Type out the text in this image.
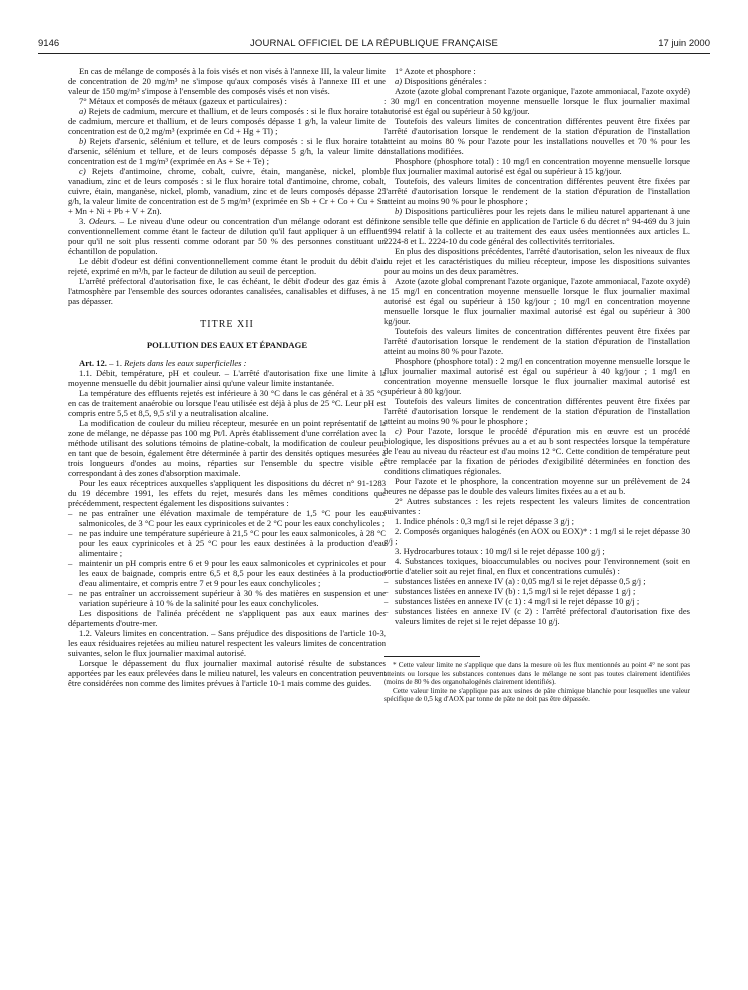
9146	JOURNAL OFFICIEL DE LA RÉPUBLIQUE FRANÇAISE	17 juin 2000

En cas de mélange de composés à la fois visés et non visés à l'annexe III, la valeur limite de concentration de 20 mg/m³ ne s'impose qu'aux composés visés à l'annexe III et une valeur de 150 mg/m³ s'impose à l'ensemble des composés visés et non visés.

7° Métaux et composés de métaux (gazeux et particulaires) :

a) Rejets de cadmium, mercure et thallium, et de leurs composés : si le flux horaire total de cadmium, mercure et thallium, et de leurs composés dépasse 1 g/h, la valeur limite de concentration est de 0,2 mg/m³ (exprimée en Cd + Hg + Tl) ;

b) Rejets d'arsenic, sélénium et tellure, et de leurs composés : si le flux horaire total d'arsenic, sélénium et tellure, et de leurs composés dépasse 5 g/h, la valeur limite de concentration est de 1 mg/m³ (exprimée en As + Se + Te) ;

c) Rejets d'antimoine, chrome, cobalt, cuivre, étain, manganèse, nickel, plomb, vanadium, zinc et de leurs composés : si le flux horaire total d'antimoine, chrome, cobalt, cuivre, étain, manganèse, nickel, plomb, vanadium, zinc et de leurs composés dépasse 25 g/h, la valeur limite de concentration est de 5 mg/m³ (exprimée en Sb + Cr + Co + Cu + Sn + Mn + Ni + Pb + V + Zn).

3. Odeurs. – Le niveau d'une odeur ou concentration d'un mélange odorant est défini conventionnellement comme étant le facteur de dilution qu'il faut appliquer à un effluent pour qu'il ne soit plus ressenti comme odorant par 50 % des personnes constituant un échantillon de population.

Le débit d'odeur est défini conventionnellement comme étant le produit du débit d'air rejeté, exprimé en m³/h, par le facteur de dilution au seuil de perception.

L'arrêté préfectoral d'autorisation fixe, le cas échéant, le débit d'odeur des gaz émis à l'atmosphère par l'ensemble des sources odorantes canalisées, canalisables et diffuses, à ne pas dépasser.

TITRE XII
POLLUTION DES EAUX ET ÉPANDAGE

Art. 12. – 1. Rejets dans les eaux superficielles :

1.1. Débit, température, pH et couleur. – L'arrêté d'autorisation fixe une limite à la moyenne mensuelle du débit journalier ainsi qu'une valeur limite instantanée.

La température des effluents rejetés est inférieure à 30 °C dans le cas général et à 35 °C en cas de traitement anaérobie ou lorsque l'eau utilisée est déjà à plus de 25 °C. Leur pH est compris entre 5,5 et 8,5, 9,5 s'il y a neutralisation alcaline.

La modification de couleur du milieu récepteur, mesurée en un point représentatif de la zone de mélange, ne dépasse pas 100 mg Pt/l. Après établissement d'une corrélation avec la méthode utilisant des solutions témoins de platine-cobalt, la modification de couleur peut, en tant que de besoin, également être déterminée à partir des densités optiques mesurées à trois longueurs d'ondes au moins, réparties sur l'ensemble du spectre visible et correspondant à des zones d'absorption maximale.

Pour les eaux réceptrices auxquelles s'appliquent les dispositions du décret n° 91-1283 du 19 décembre 1991, les effets du rejet, mesurés dans les mêmes conditions que précédemment, respectent également les dispositions suivantes :

– ne pas entraîner une élévation maximale de température de 1,5 °C pour les eaux salmonicoles, de 3 °C pour les eaux cyprinicoles et de 2 °C pour les eaux conchylicoles ;
– ne pas induire une température supérieure à 21,5 °C pour les eaux salmonicoles, à 28 °C pour les eaux cyprinicoles et à 25 °C pour les eaux destinées à la production d'eau alimentaire ;
– maintenir un pH compris entre 6 et 9 pour les eaux salmonicoles et cyprinicoles et pour les eaux de baignade, compris entre 6,5 et 8,5 pour les eaux destinées à la production d'eau alimentaire, et compris entre 7 et 9 pour les eaux conchylicoles ;
– ne pas entraîner un accroissement supérieur à 30 % des matières en suspension et une variation supérieure à 10 % de la salinité pour les eaux conchylicoles.

Les dispositions de l'alinéa précédent ne s'appliquent pas aux eaux marines des départements d'outre-mer.

1.2. Valeurs limites en concentration. – Sans préjudice des dispositions de l'article 10-3, les eaux résiduaires rejetées au milieu naturel respectent les valeurs limites de concentration suivantes, selon le flux journalier maximal autorisé.

Lorsque le dépassement du flux journalier maximal autorisé résulte de substances apportées par les eaux prélevées dans le milieu naturel, les valeurs en concentration peuvent être considérées non comme des limites prévues à l'article 10-1 mais comme des guides.

1° Azote et phosphore :

a) Dispositions générales :

Azote (azote global comprenant l'azote organique, l'azote ammoniacal, l'azote oxydé) : 30 mg/l en concentration moyenne mensuelle lorsque le flux journalier maximal autorisé est égal ou supérieur à 50 kg/jour.

Toutefois des valeurs limites de concentration différentes peuvent être fixées par l'arrêté d'autorisation lorsque le rendement de la station d'épuration de l'installation atteint au moins 80 % pour l'azote pour les installations nouvelles et 70 % pour les installations modifiées.

Phosphore (phosphore total) : 10 mg/l en concentration moyenne mensuelle lorsque le flux journalier maximal autorisé est égal ou supérieur à 15 kg/jour.

Toutefois, des valeurs limites de concentration différentes peuvent être fixées par l'arrêté d'autorisation lorsque le rendement de la station d'épuration de l'installation atteint au moins 90 % pour le phosphore ;

b) Dispositions particulières pour les rejets dans le milieu naturel appartenant à une zone sensible telle que définie en application de l'article 6 du décret n° 94-469 du 3 juin 1994 relatif à la collecte et au traitement des eaux usées mentionnées aux articles L. 2224-8 et L. 2224-10 du code général des collectivités territoriales.

En plus des dispositions précédentes, l'arrêté d'autorisation, selon les niveaux de flux du rejet et les caractéristiques du milieu récepteur, impose les dispositions suivantes pour au moins un des deux paramètres.

Azote (azote global comprenant l'azote organique, l'azote ammoniacal, l'azote oxydé) : 15 mg/l en concentration moyenne mensuelle lorsque le flux journalier maximal autorisé est égal ou supérieur à 150 kg/jour ; 10 mg/l en concentration moyenne mensuelle lorsque le flux journalier maximal autorisé est égal ou supérieur à 300 kg/jour.

Toutefois des valeurs limites de concentration différentes peuvent être fixées par l'arrêté d'autorisation lorsque le rendement de la station d'épuration de l'installation atteint au moins 80 % pour l'azote.

Phosphore (phosphore total) : 2 mg/l en concentration moyenne mensuelle lorsque le flux journalier maximal autorisé est égal ou supérieur à 40 kg/jour ; 1 mg/l en concentration moyenne mensuelle lorsque le flux journalier maximal autorisé est supérieur à 80 kg/jour.

Toutefois des valeurs limites de concentration différentes peuvent être fixées par l'arrêté d'autorisation lorsque le rendement de la station d'épuration de l'installation atteint au moins 90 % pour le phosphore ;

c) Pour l'azote, lorsque le procédé d'épuration mis en œuvre est un procédé biologique, les dispositions prévues au a et au b sont respectées lorsque la température de l'eau au niveau du réacteur est d'au moins 12 °C. Cette condition de température peut être remplacée par la fixation de périodes d'exigibilité déterminées en fonction des conditions climatiques régionales.

Pour l'azote et le phosphore, la concentration moyenne sur un prélèvement de 24 heures ne dépasse pas le double des valeurs limites fixées au a et au b.

2° Autres substances : les rejets respectent les valeurs limites de concentration suivantes :

1. Indice phénols : 0,3 mg/l si le rejet dépasse 3 g/j ;

2. Composés organiques halogénés (en AOX ou EOX)* : 1 mg/l si le rejet dépasse 30 g/j ;

3. Hydrocarbures totaux : 10 mg/l si le rejet dépasse 100 g/j ;

4. Substances toxiques, bioaccumulables ou nocives pour l'environnement (soit en sortie d'atelier soit au rejet final, en flux et concentrations cumulés) :

– substances listées en annexe IV (a) : 0,05 mg/l si le rejet dépasse 0,5 g/j ;
– substances listées en annexe IV (b) : 1,5 mg/l si le rejet dépasse 1 g/j ;
– substances listées en annexe IV (c 1) : 4 mg/l si le rejet dépasse 10 g/j ;
– substances listées en annexe IV (c 2) : l'arrêté préfectoral d'autorisation fixe des valeurs limites de rejet si le rejet dépasse 10 g/j.

* Cette valeur limite ne s'applique que dans la mesure où les flux mentionnés au point 4° ne sont pas atteints ou lorsque les substances contenues dans le mélange ne sont pas toutes clairement identifiées (moins de 80 % des organohalogénés clairement identifiés).

Cette valeur limite ne s'applique pas aux usines de pâte chimique blanchie pour lesquelles une valeur spécifique de 0,5 kg d'AOX par tonne de pâte ne doit pas être dépassée.
